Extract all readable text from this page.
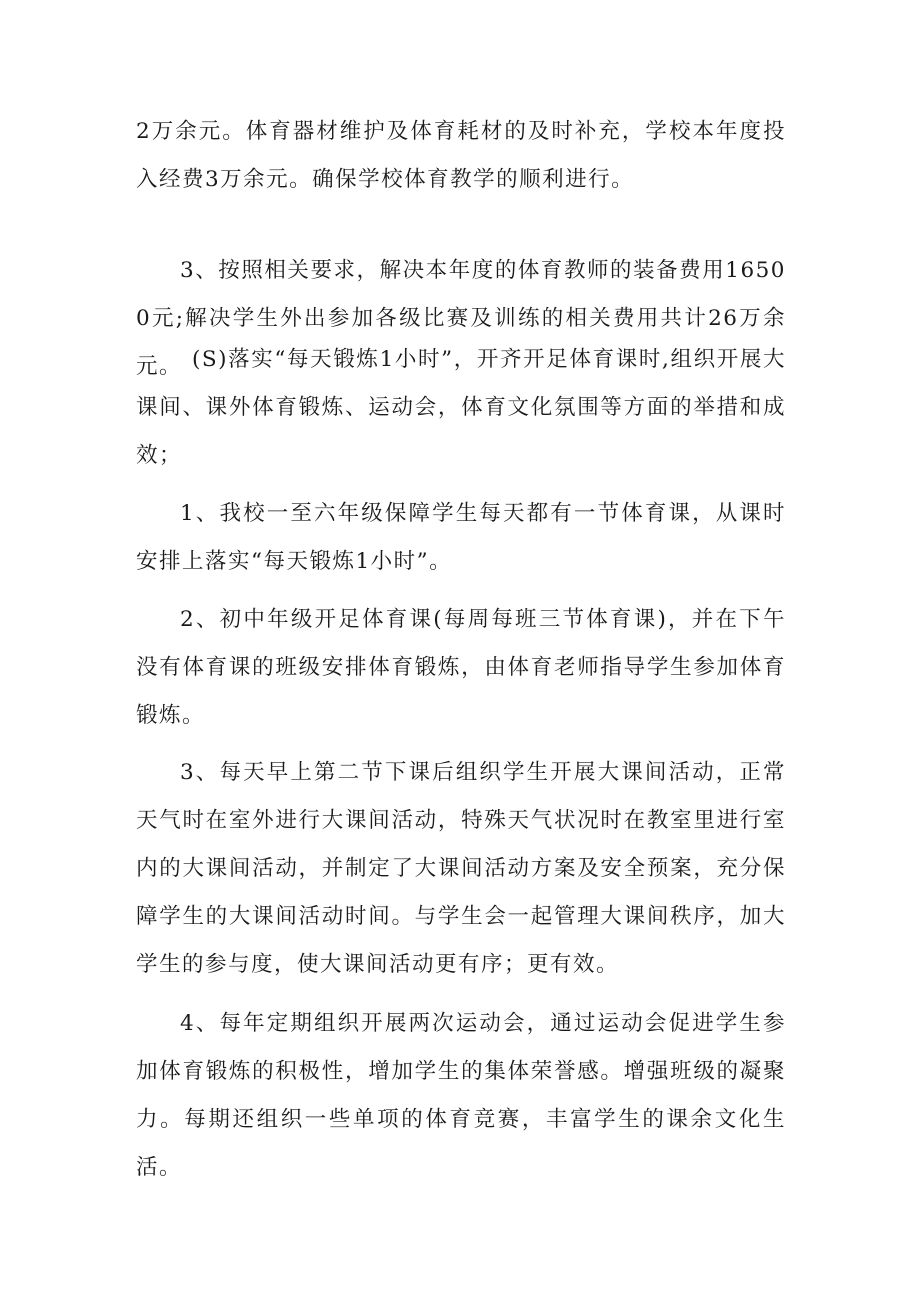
2万余元。体育器材维护及体育耗材的及时补充，学校本年度投入经费3万余元。确保学校体育教学的顺利进行。

3、按照相关要求，解决本年度的体育教师的装备费用16500元;解决学生外出参加各级比赛及训练的相关费用共计26万余元。 (S)落实“每天锻炼1小时”，开齐开足体育课时,组织开展大课间、课外体育锻炼、运动会，体育文化氛围等方面的举措和成效；

1、我校一至六年级保障学生每天都有一节体育课，从课时安排上落实“每天锻炼1小时”。

2、初中年级开足体育课(每周每班三节体育课)，并在下午没有体育课的班级安排体育锻炼，由体育老师指导学生参加体育锻炼。

3、每天早上第二节下课后组织学生开展大课间活动，正常天气时在室外进行大课间活动，特殊天气状况时在教室里进行室内的大课间活动，并制定了大课间活动方案及安全预案，充分保障学生的大课间活动时间。与学生会一起管理大课间秩序，加大学生的参与度，使大课间活动更有序；更有效。

4、每年定期组织开展两次运动会，通过运动会促进学生参加体育锻炼的积极性，增加学生的集体荣誉感。增强班级的凝聚力。每期还组织一些单项的体育竞赛，丰富学生的课余文化生活。
